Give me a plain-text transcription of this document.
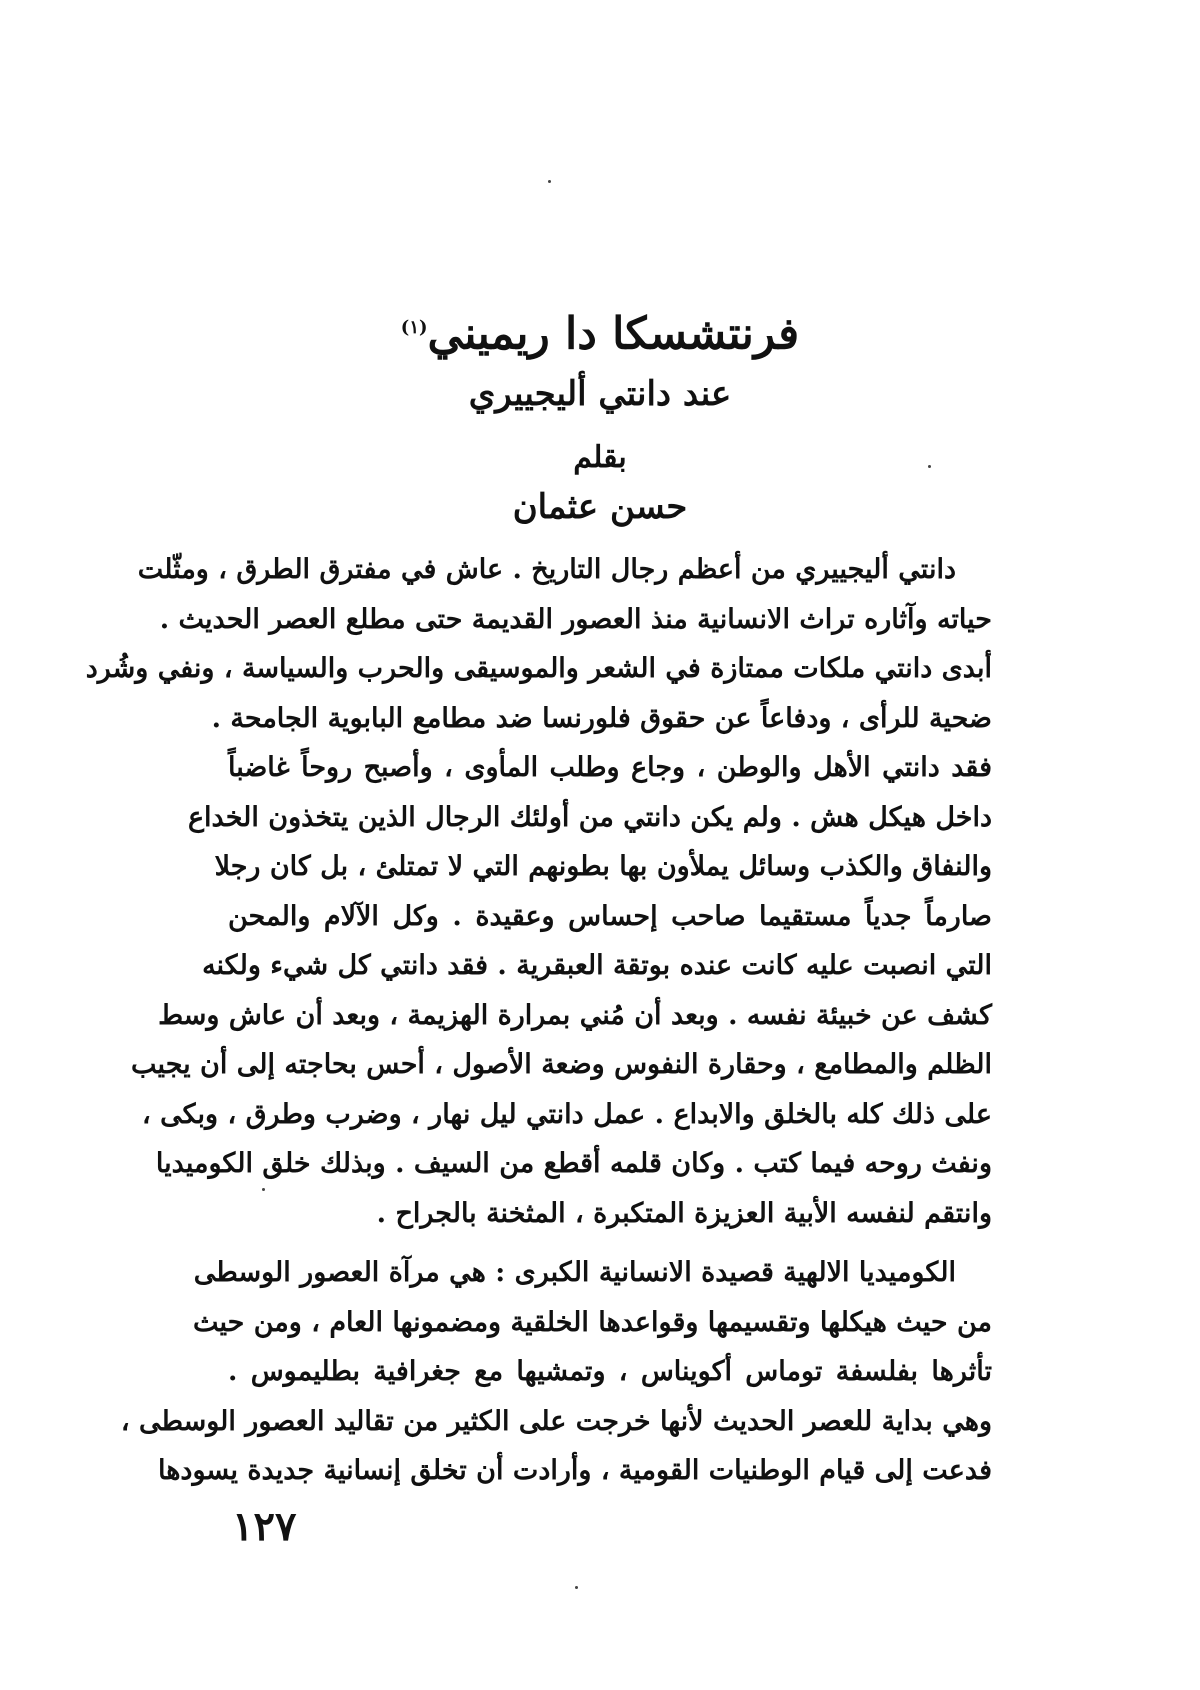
فرنتشسكا دا ريميني$^{(١)}$
عند دانتي أليجييري
بقلم
حسن عثمان
دانتي أليجييري من أعظم رجال التاريخ . عاش في مفترق الطرق ، ومثّلت
حياته وآثاره تراث الانسانية منذ العصور القديمة حتى مطلع العصر الحديث .
أبدى دانتي ملكات ممتازة في الشعر والموسيقى والحرب والسياسة ، ونفي وشُرد
ضحية للرأى ، ودفاعاً عن حقوق فلورنسا ضد مطامع البابوية الجامحة .
فقد دانتي الأهل والوطن ، وجاع وطلب المأوى ، وأصبح روحاً غاضباً
داخل هيكل هش . ولم يكن دانتي من أولئك الرجال الذين يتخذون الخداع
والنفاق والكذب وسائل يملأون بها بطونهم التي لا تمتلئ ، بل كان رجلا
صارماً جدياً مستقيما صاحب إحساس وعقيدة . وكل الآلام والمحن
التي انصبت عليه كانت عنده بوتقة العبقرية . فقد دانتي كل شيء ولكنه
كشف عن خبيئة نفسه . وبعد أن مُني بمرارة الهزيمة ، وبعد أن عاش وسط
الظلم والمطامع ، وحقارة النفوس وضعة الأصول ، أحس بحاجته إلى أن يجيب
على ذلك كله بالخلق والابداع . عمل دانتي ليل نهار ، وضرب وطرق ، وبكى ،
ونفث روحه فيما كتب . وكان قلمه أقطع من السيف . وبذلك خلق الكوميديا
وانتقم لنفسه الأبية العزيزة المتكبرة ، المثخنة بالجراح .
الكوميديا الالهية قصيدة الانسانية الكبرى : هي مرآة العصور الوسطى
من حيث هيكلها وتقسيمها وقواعدها الخلقية ومضمونها العام ، ومن حيث
تأثرها بفلسفة توماس أكويناس ، وتمشيها مع جغرافية بطليموس .
وهي بداية للعصر الحديث لأنها خرجت على الكثير من تقاليد العصور الوسطى ،
فدعت إلى قيام الوطنيات القومية ، وأرادت أن تخلق إنسانية جديدة يسودها
١٢٧
